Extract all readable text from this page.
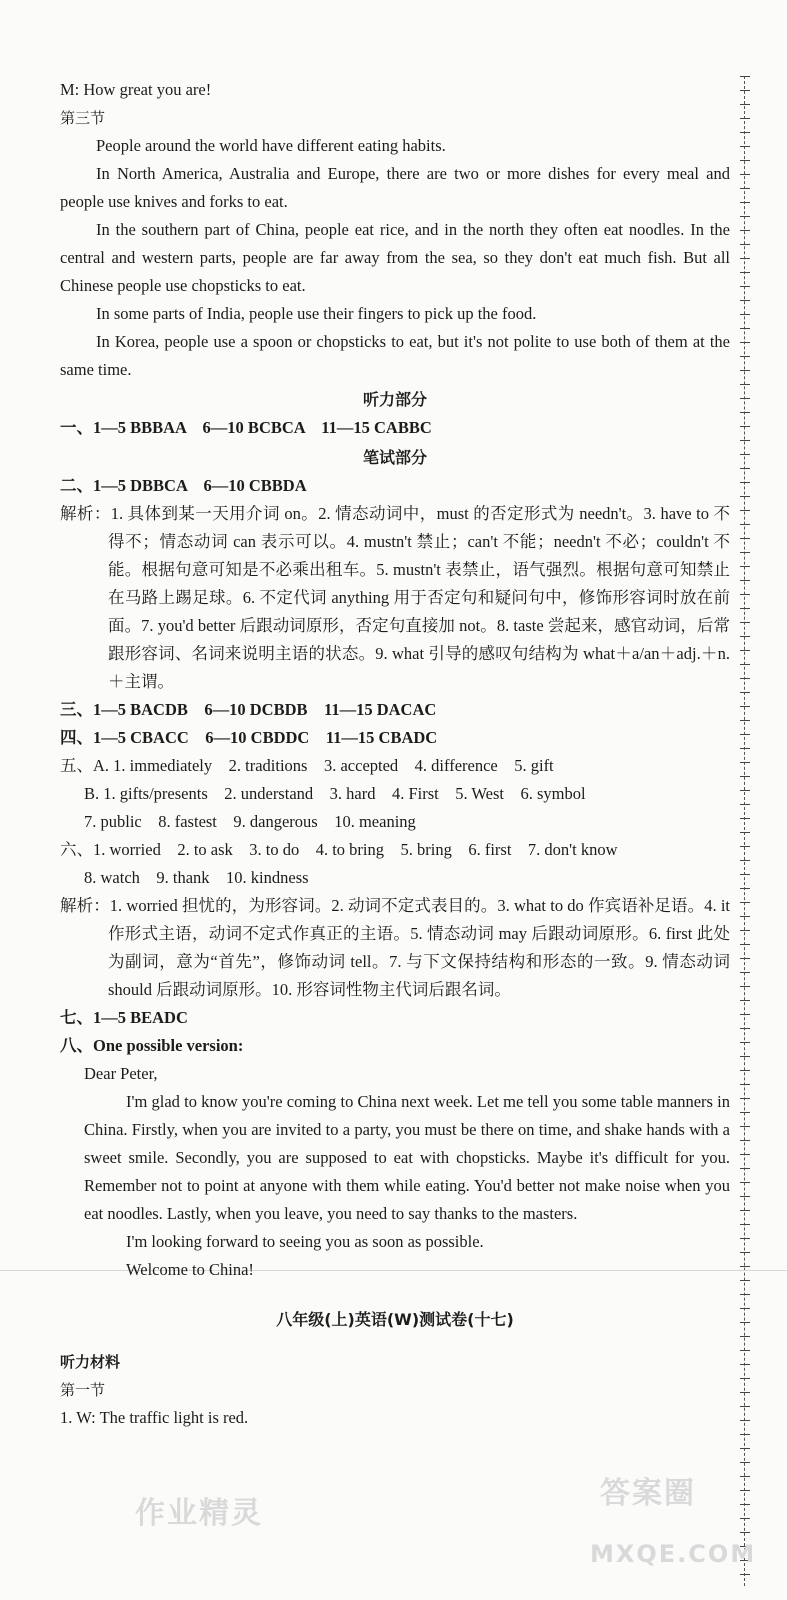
M: How great you are!

第三节

People around the world have different eating habits.

In North America, Australia and Europe, there are two or more dishes for every meal and people use knives and forks to eat.

In the southern part of China, people eat rice, and in the north they often eat noodles. In the central and western parts, people are far away from the sea, so they don't eat much fish. But all Chinese people use chopsticks to eat.

In some parts of India, people use their fingers to pick up the food.

In Korea, people use a spoon or chopsticks to eat, but it's not polite to use both of them at the same time.

听力部分

一、1—5 BBBAA　6—10 BCBCA　11—15 CABBC

笔试部分

二、1—5 DBBCA　6—10 CBBDA

解析：1. 具体到某一天用介词 on。2. 情态动词中，must 的否定形式为 needn't。3. have to 不得不；情态动词 can 表示可以。4. mustn't 禁止；can't 不能；needn't 不必；couldn't 不能。根据句意可知是不必乘出租车。5. mustn't 表禁止，语气强烈。根据句意可知禁止在马路上踢足球。6. 不定代词 anything 用于否定句和疑问句中，修饰形容词时放在前面。7. you'd better 后跟动词原形，否定句直接加 not。8. taste 尝起来，感官动词，后常跟形容词、名词来说明主语的状态。9. what 引导的感叹句结构为 what＋a/an＋adj.＋n.＋主谓。

三、1—5 BACDB　6—10 DCBDB　11—15 DACAC

四、1—5 CBACC　6—10 CBDDC　11—15 CBADC

五、A. 1. immediately　2. traditions　3. accepted　4. difference　5. gift

B. 1. gifts/presents　2. understand　3. hard　4. First　5. West　6. symbol

7. public　8. fastest　9. dangerous　10. meaning

六、1. worried　2. to ask　3. to do　4. to bring　5. bring　6. first　7. don't know

8. watch　9. thank　10. kindness

解析：1. worried 担忧的，为形容词。2. 动词不定式表目的。3. what to do 作宾语补足语。4. it 作形式主语，动词不定式作真正的主语。5. 情态动词 may 后跟动词原形。6. first 此处为副词，意为“首先”，修饰动词 tell。7. 与下文保持结构和形态的一致。9. 情态动词 should 后跟动词原形。10. 形容词性物主代词后跟名词。

七、1—5 BEADC

八、One possible version:

Dear Peter,

I'm glad to know you're coming to China next week. Let me tell you some table manners in China. Firstly, when you are invited to a party, you must be there on time, and shake hands with a sweet smile. Secondly, you are supposed to eat with chopsticks. Maybe it's difficult for you. Remember not to point at anyone with them while eating. You'd better not make noise when you eat noodles. Lastly, when you leave, you need to say thanks to the masters.

I'm looking forward to seeing you as soon as possible.

Welcome to China!

八年级(上)英语(W)测试卷(十七)

听力材料

第一节

1. W: The traffic light is red.

作业精灵
答案圈
MXQE.COM
